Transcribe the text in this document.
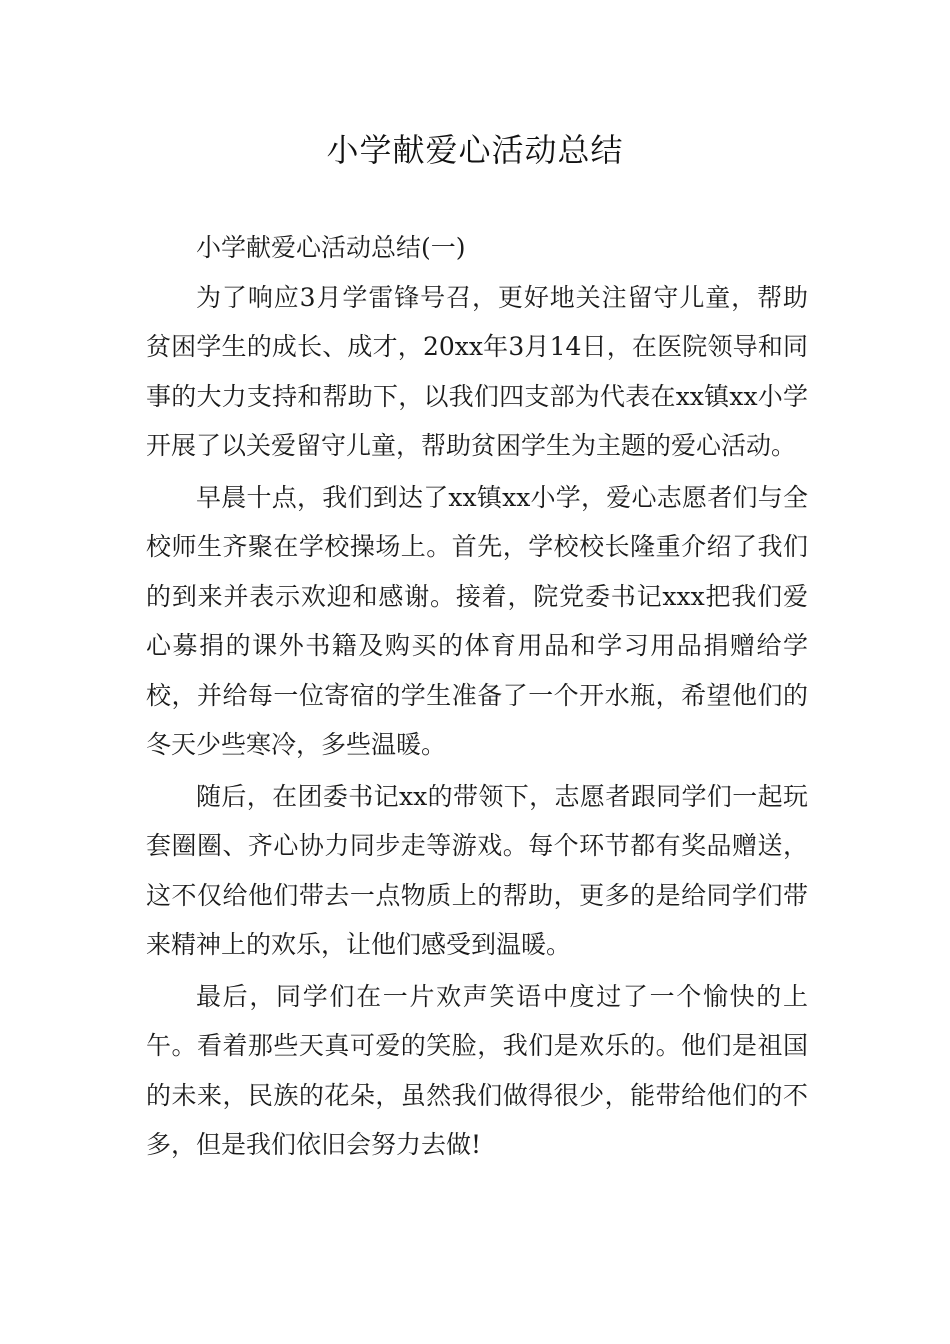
小学献爱心活动总结

小学献爱心活动总结(一)

为了响应3月学雷锋号召，更好地关注留守儿童，帮助贫困学生的成长、成才，20xx年3月14日，在医院领导和同事的大力支持和帮助下，以我们四支部为代表在xx镇xx小学开展了以关爱留守儿童，帮助贫困学生为主题的爱心活动。

早晨十点，我们到达了xx镇xx小学，爱心志愿者们与全校师生齐聚在学校操场上。首先，学校校长隆重介绍了我们的到来并表示欢迎和感谢。接着，院党委书记xxx把我们爱心募捐的课外书籍及购买的体育用品和学习用品捐赠给学校，并给每一位寄宿的学生准备了一个开水瓶，希望他们的冬天少些寒冷，多些温暖。

随后，在团委书记xx的带领下，志愿者跟同学们一起玩套圈圈、齐心协力同步走等游戏。每个环节都有奖品赠送，这不仅给他们带去一点物质上的帮助，更多的是给同学们带来精神上的欢乐，让他们感受到温暖。

最后，同学们在一片欢声笑语中度过了一个愉快的上午。看着那些天真可爱的笑脸，我们是欢乐的。他们是祖国的未来，民族的花朵，虽然我们做得很少，能带给他们的不多，但是我们依旧会努力去做!
